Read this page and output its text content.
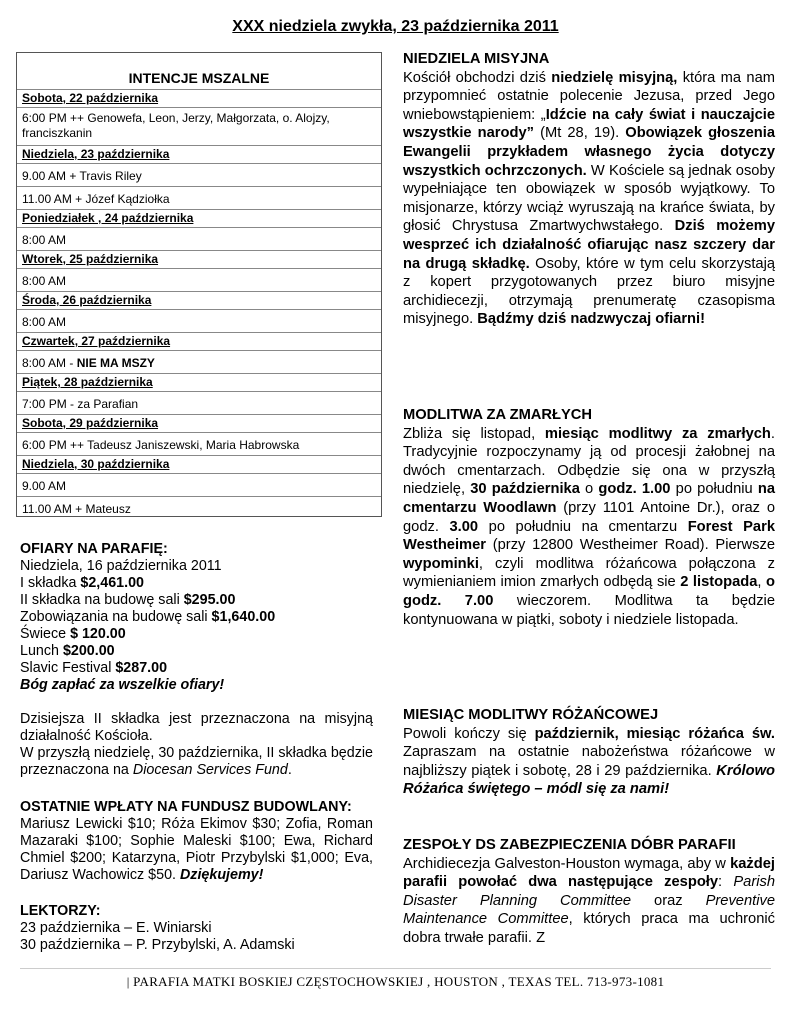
XXX niedziela zwykła, 23 października 2011
INTENCJE MSZALNE
Sobota, 22 października
6:00 PM ++ Genowefa, Leon, Jerzy, Małgorzata, o. Alojzy, franciszkanin
Niedziela, 23 października
9.00 AM + Travis Riley
11.00 AM + Józef Kądziołka
Poniedziałek , 24 października
8:00 AM
Wtorek, 25 października
8:00 AM
Środa, 26 października
8:00 AM
Czwartek, 27 października
8:00 AM - NIE MA MSZY
Piątek, 28 października
7:00 PM - za Parafian
Sobota, 29 października
6:00 PM ++ Tadeusz Janiszewski, Maria Habrowska
Niedziela, 30 października
9.00 AM
11.00 AM + Mateusz

OFIARY NA PARAFIĘ:

Niedziela, 16 października 2011

I składka $2,461.00

II składka na budowę sali $295.00

Zobowiązania na budowę sali $1,640.00

Świece $ 120.00

Lunch $200.00

Slavic Festival $287.00

Bóg zapłać za wszelkie ofiary!

Dzisiejsza II składka jest przeznaczona na misyjną działalność Kościoła.

W przyszłą niedzielę, 30 października, II składka będzie przeznaczona na Diocesan Services Fund.

OSTATNIE WPŁATY NA FUNDUSZ BUDOWLANY:

Mariusz Lewicki $10; Róża Ekimov $30; Zofia, Roman Mazaraki $100; Sophie Maleski $100; Ewa, Richard Chmiel $200; Katarzyna, Piotr Przybylski $1,000; Eva, Dariusz Wachowicz $50. Dziękujemy!

LEKTORZY:

23 października – E. Winiarski

30 października – P. Przybylski, A. Adamski

NIEDZIELA MISYJNA

Kościół obchodzi dziś niedzielę misyjną, która ma nam przypomnieć ostatnie polecenie Jezusa, przed Jego wniebowstąpieniem: „Idźcie na cały świat i nauczajcie wszystkie narody” (Mt 28, 19). Obowiązek głoszenia Ewangelii przykładem własnego życia dotyczy wszystkich ochrzczonych. W Kościele są jednak osoby wypełniające ten obowiązek w sposób wyjątkowy. To misjonarze, którzy wciąż wyruszają na krańce świata, by głosić Chrystusa Zmartwychwstałego. Dziś możemy wesprzeć ich działalność ofiarując nasz szczery dar na drugą składkę. Osoby, które w tym celu skorzystają z kopert przygotowanych przez biuro misyjne archidiecezji, otrzymają prenumeratę czasopisma misyjnego. Bądźmy dziś nadzwyczaj ofiarni!

MODLITWA ZA ZMARŁYCH

Zbliża się listopad, miesiąc modlitwy za zmarłych. Tradycyjnie rozpoczynamy ją od procesji żałobnej na dwóch cmentarzach. Odbędzie się ona w przyszłą niedzielę, 30 października o godz. 1.00 po południu na cmentarzu Woodlawn (przy 1101 Antoine Dr.), oraz o godz. 3.00 po południu na cmentarzu Forest Park Westheimer (przy 12800 Westheimer Road). Pierwsze wypominki, czyli modlitwa różańcowa połączona z wymienianiem imion zmarłych odbędą sie 2 listopada, o godz. 7.00 wieczorem. Modlitwa ta będzie kontynuowana w piątki, soboty i niedziele listopada.

MIESIĄC MODLITWY RÓŻAŃCOWEJ

Powoli kończy się październik, miesiąc różańca św. Zapraszam na ostatnie nabożeństwa różańcowe w najbliższy piątek i sobotę, 28 i 29 października. Królowo Różańca świętego – módl się za nami!

ZESPOŁY DS ZABEZPIECZENIA DÓBR PARAFII

Archidiecezja Galveston-Houston wymaga, aby w każdej parafii powołać dwa następujące zespoły: Parish Disaster Planning Committee oraz Preventive Maintenance Committee, których praca ma uchronić dobra trwałe parafii. Z

| PARAFIA MATKI BOSKIEJ CZĘSTOCHOWSKIEJ , HOUSTON , TEXAS TEL. 713-973-1081
